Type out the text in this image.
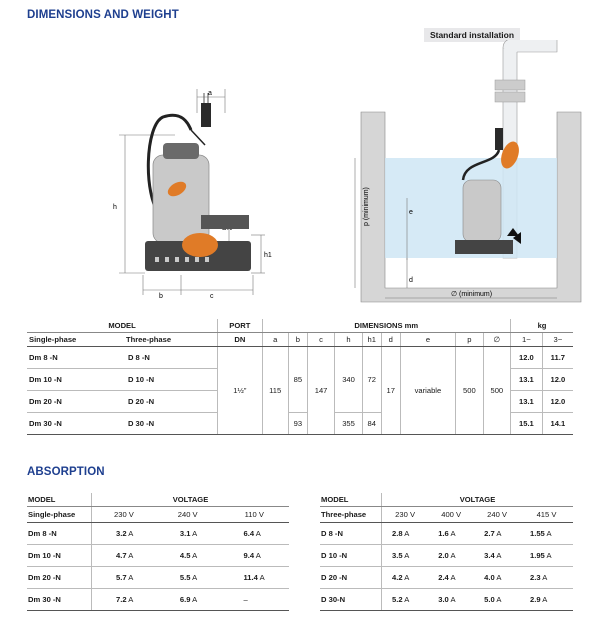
DIMENSIONS AND WEIGHT
Standard installation
a
h
h1
b	c
p (minimum)	e
d
∅ (minimum)
MODEL		PORT	DIMENSIONS mm									kg	
Single-phase	Three-phase	DN	a	b	c	h	h1	d	e	p	∅	1~	3~
Dm 8 -N	D 8 -N	1½”	115	85	147	340	72	17	variable	500	500	12.0	11.7
Dm 10 -N	D 10 -N											13.1	12.0
Dm 20 -N	D 20 -N											13.1	12.0
Dm 30 -N	D 30 -N			93		355	84					15.1	14.1
ABSORPTION
MODEL	VOLTAGE		
Single-phase	230 V	240 V	110 V
Dm 8 -N	3.2 A	3.1 A	6.4 A
Dm 10 -N	4.7 A	4.5 A	9.4 A
Dm 20 -N	5.7 A	5.5 A	11.4 A
Dm 30 -N	7.2 A	6.9 A	–
MODEL	VOLTAGE			
Three-phase	230 V	400 V	240 V	415 V
D 8 -N	2.8 A	1.6 A	2.7 A	1.55 A
D 10 -N	3.5 A	2.0 A	3.4 A	1.95 A
D 20 -N	4.2 A	2.4 A	4.0 A	2.3 A
D 30-N	5.2 A	3.0 A	5.0 A	2.9 A
